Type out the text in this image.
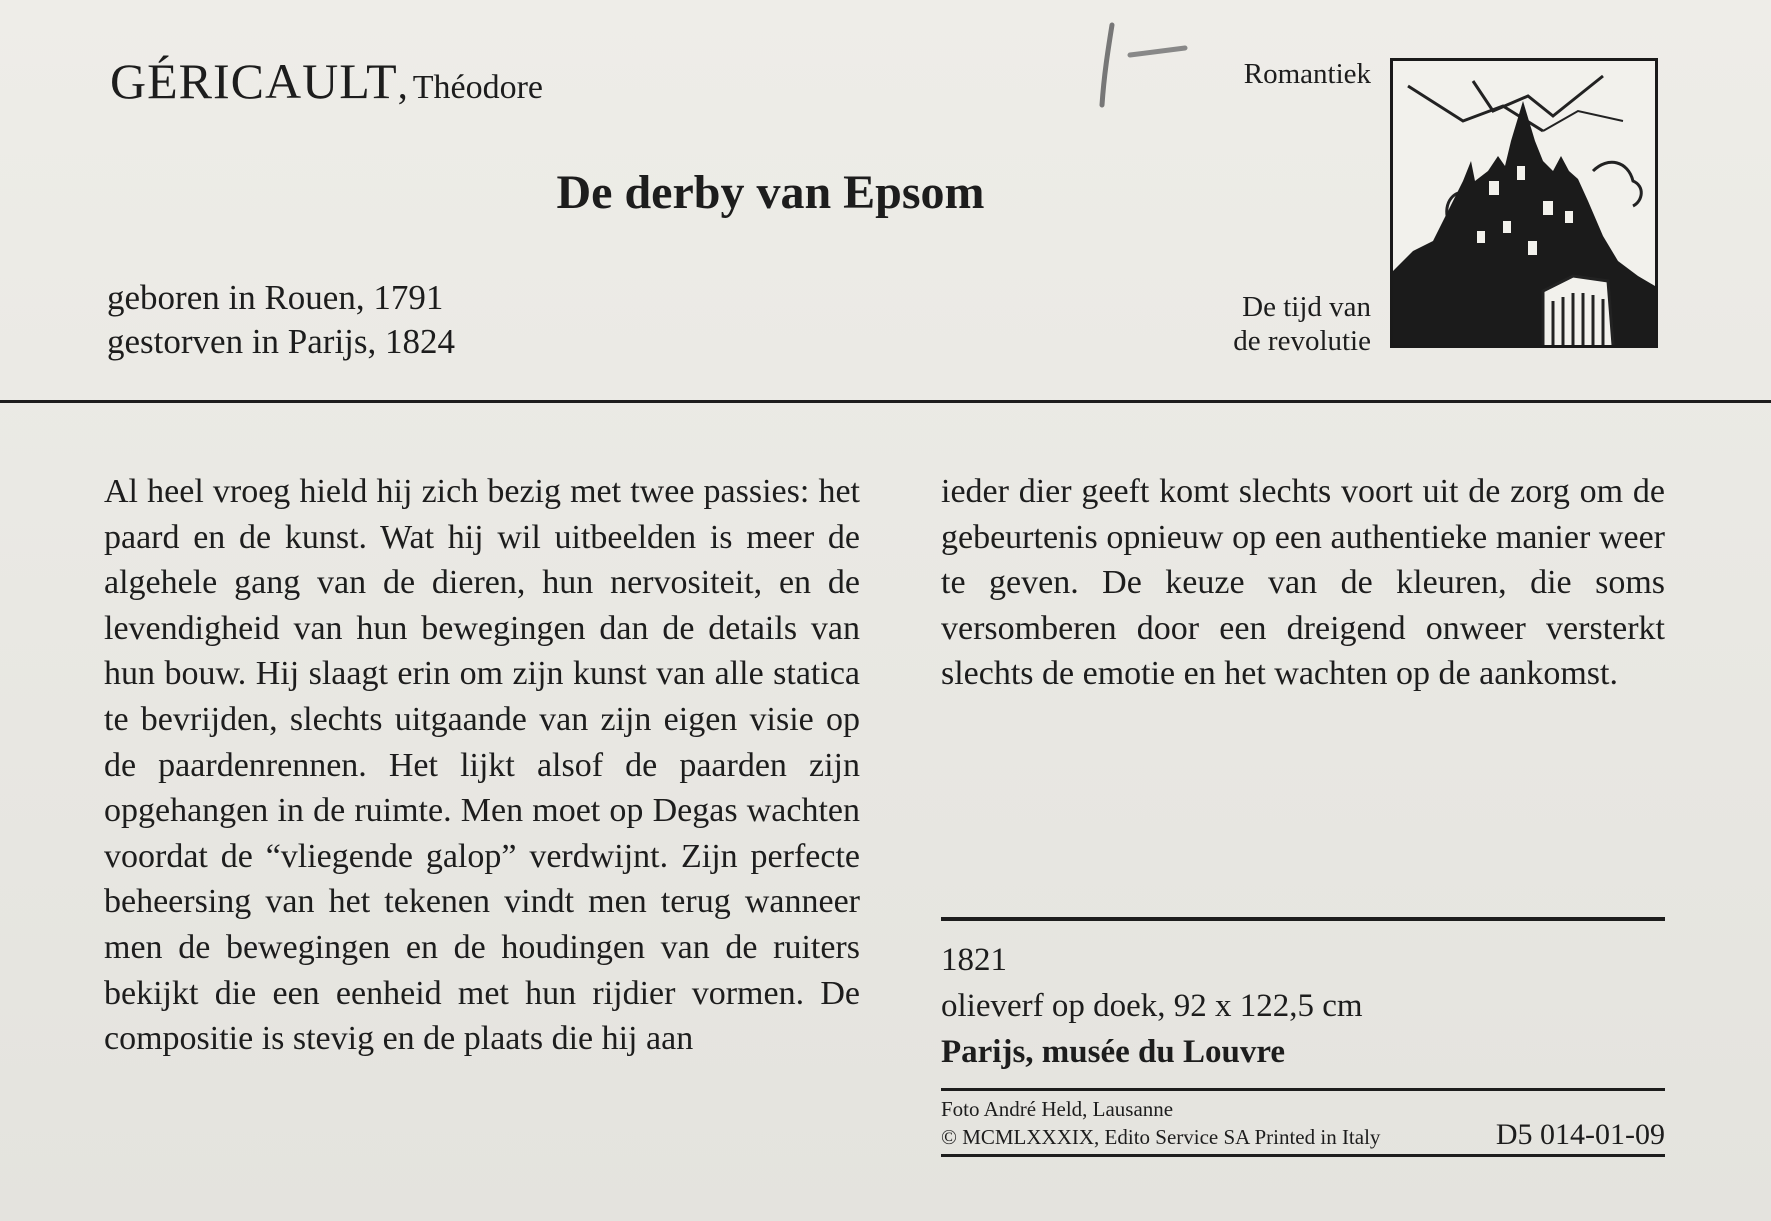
GÉRICAULT, Théodore
De derby van Epsom
geboren in Rouen, 1791
gestorven in Parijs, 1824
Romantiek
De tijd van
de revolutie

Al heel vroeg hield hij zich bezig met twee passies: het paard en de kunst. Wat hij wil uitbeelden is meer de algehele gang van de dieren, hun nervositeit, en de levendigheid van hun bewegingen dan de details van hun bouw. Hij slaagt erin om zijn kunst van alle statica te bevrijden, slechts uitgaande van zijn eigen visie op de paardenrennen. Het lijkt alsof de paarden zijn opgehangen in de ruimte. Men moet op Degas wachten voordat de “vliegende galop” verdwijnt. Zijn perfecte beheersing van het tekenen vindt men terug wanneer men de bewegingen en de houdingen van de ruiters bekijkt die een eenheid met hun rijdier vormen. De compositie is stevig en de plaats die hij aan

ieder dier geeft komt slechts voort uit de zorg om de gebeurtenis opnieuw op een authentieke manier weer te geven. De keuze van de kleuren, die soms versomberen door een dreigend onweer versterkt slechts de emotie en het wachten op de aankomst.

1821
olieverf op doek, 92 x 122,5 cm
Parijs, musée du Louvre
Foto André Held, Lausanne
© MCMLXXXIX, Edito Service SA Printed in Italy	D5 014-01-09
